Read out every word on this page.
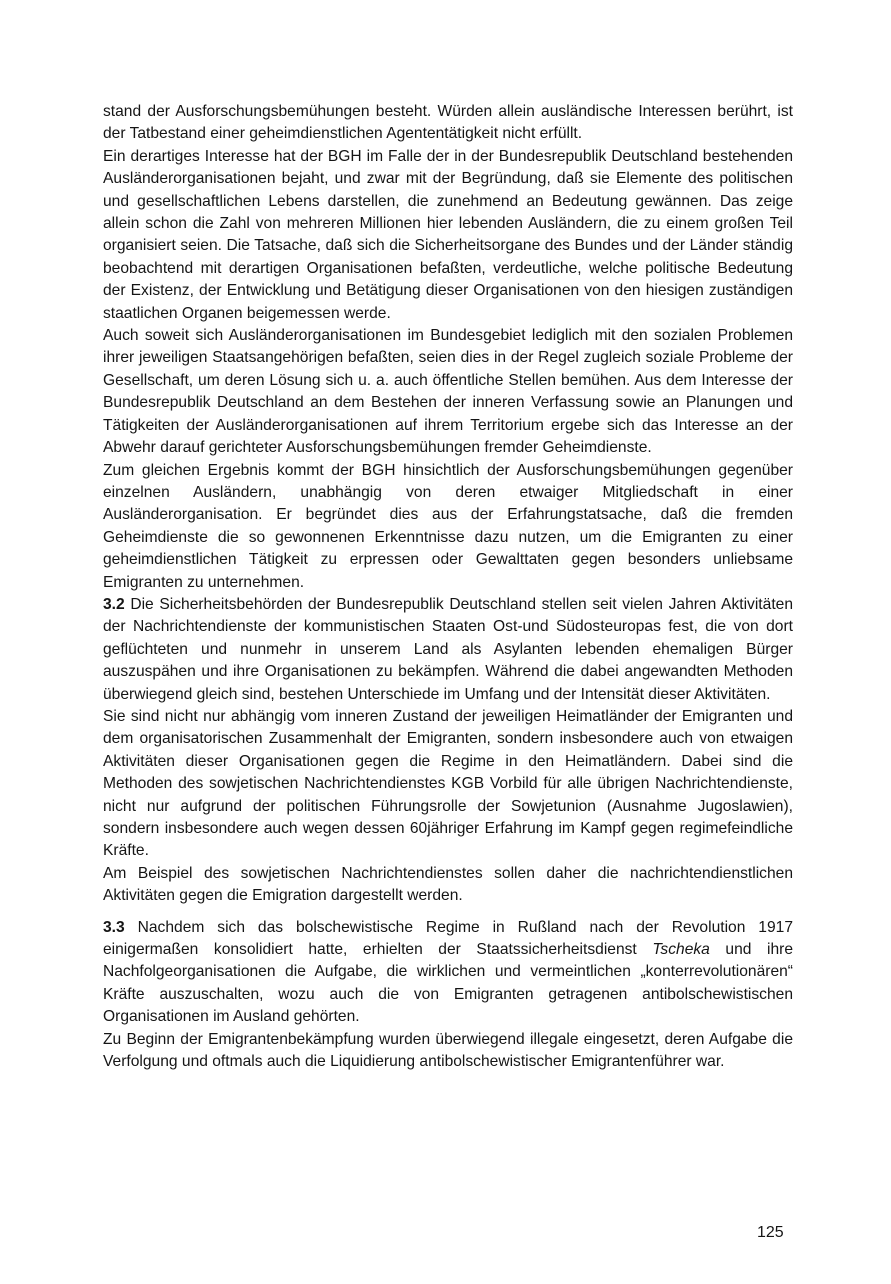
stand der Ausforschungsbemühungen besteht. Würden allein ausländische Interessen berührt, ist der Tatbestand einer geheimdienstlichen Agententätigkeit nicht erfüllt.

Ein derartiges Interesse hat der BGH im Falle der in der Bundesrepublik Deutschland bestehenden Ausländerorganisationen bejaht, und zwar mit der Begründung, daß sie Elemente des politischen und gesellschaftlichen Lebens darstellen, die zunehmend an Bedeutung gewännen. Das zeige allein schon die Zahl von mehreren Millionen hier lebenden Ausländern, die zu einem großen Teil organisiert seien. Die Tatsache, daß sich die Sicherheitsorgane des Bundes und der Länder ständig beobachtend mit derartigen Organisationen befaßten, verdeutliche, welche politische Bedeutung der Existenz, der Entwicklung und Betätigung dieser Organisationen von den hiesigen zuständigen staatlichen Organen beigemessen werde.

Auch soweit sich Ausländerorganisationen im Bundesgebiet lediglich mit den sozialen Problemen ihrer jeweiligen Staatsangehörigen befaßten, seien dies in der Regel zugleich soziale Probleme der Gesellschaft, um deren Lösung sich u. a. auch öffentliche Stellen bemühen. Aus dem Interesse der Bundesrepublik Deutschland an dem Bestehen der inneren Verfassung sowie an Planungen und Tätigkeiten der Ausländerorganisationen auf ihrem Territorium ergebe sich das Interesse an der Abwehr darauf gerichteter Ausforschungsbemühungen fremder Geheimdienste.

Zum gleichen Ergebnis kommt der BGH hinsichtlich der Ausforschungsbemühungen gegenüber einzelnen Ausländern, unabhängig von deren etwaiger Mitgliedschaft in einer Ausländerorganisation. Er begründet dies aus der Erfahrungstatsache, daß die fremden Geheimdienste die so gewonnenen Erkenntnisse dazu nutzen, um die Emigranten zu einer geheimdienstlichen Tätigkeit zu erpressen oder Gewalttaten gegen besonders unliebsame Emigranten zu unternehmen.

3.2 Die Sicherheitsbehörden der Bundesrepublik Deutschland stellen seit vielen Jahren Aktivitäten der Nachrichtendienste der kommunistischen Staaten Ost-und Südosteuropas fest, die von dort geflüchteten und nunmehr in unserem Land als Asylanten lebenden ehemaligen Bürger auszuspähen und ihre Organisationen zu bekämpfen. Während die dabei angewandten Methoden überwiegend gleich sind, bestehen Unterschiede im Umfang und der Intensität dieser Aktivitäten.

Sie sind nicht nur abhängig vom inneren Zustand der jeweiligen Heimatländer der Emigranten und dem organisatorischen Zusammenhalt der Emigranten, sondern insbesondere auch von etwaigen Aktivitäten dieser Organisationen gegen die Regime in den Heimatländern. Dabei sind die Methoden des sowjetischen Nachrichtendienstes KGB Vorbild für alle übrigen Nachrichtendienste, nicht nur aufgrund der politischen Führungsrolle der Sowjetunion (Ausnahme Jugoslawien), sondern insbesondere auch wegen dessen 60jähriger Erfahrung im Kampf gegen regimefeindliche Kräfte.

Am Beispiel des sowjetischen Nachrichtendienstes sollen daher die nachrichtendienstlichen Aktivitäten gegen die Emigration dargestellt werden.

3.3 Nachdem sich das bolschewistische Regime in Rußland nach der Revolution 1917 einigermaßen konsolidiert hatte, erhielten der Staatssicherheitsdienst Tscheka und ihre Nachfolgeorganisationen die Aufgabe, die wirklichen und vermeintlichen „konterrevolutionären“ Kräfte auszuschalten, wozu auch die von Emigranten getragenen antibolschewistischen Organisationen im Ausland gehörten.

Zu Beginn der Emigrantenbekämpfung wurden überwiegend illegale eingesetzt, deren Aufgabe die Verfolgung und oftmals auch die Liquidierung antibolschewistischer Emigrantenführer war.

125
